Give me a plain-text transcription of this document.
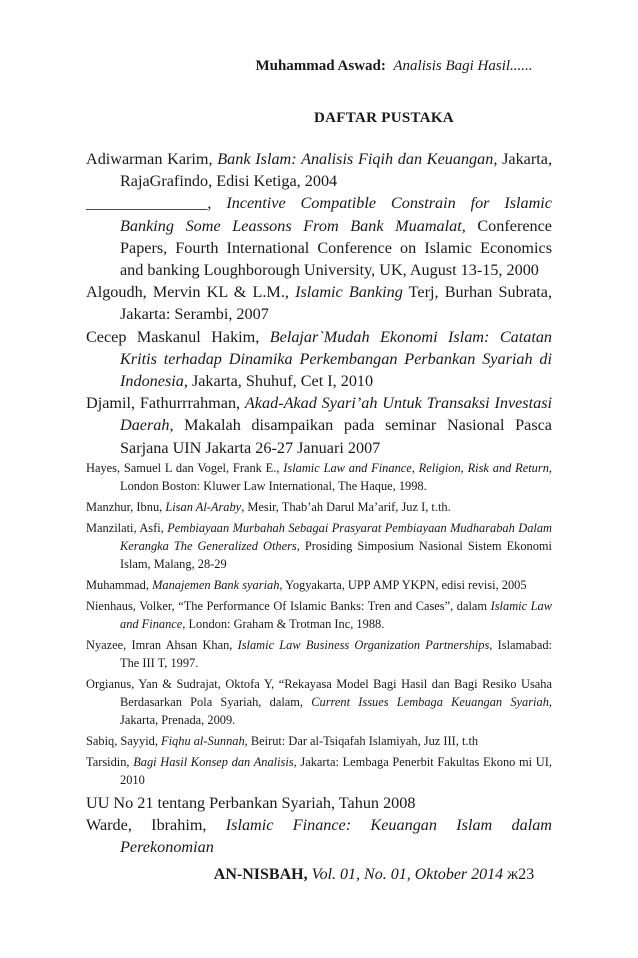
Muhammad Aswad: Analisis Bagi Hasil......
DAFTAR PUSTAKA

Adiwarman Karim, Bank Islam: Analisis Fiqih dan Keuangan, Jakarta, RajaGrafindo, Edisi Ketiga, 2004

_______________, Incentive Compatible Constrain for Islamic Banking Some Leassons From Bank Muamalat, Conference Papers, Fourth International Conference on Islamic Economics and banking Loughborough University, UK, August 13-15, 2000

Algoudh, Mervin KL & L.M., Islamic Banking Terj, Burhan Subrata, Jakarta: Serambi, 2007

Cecep Maskanul Hakim, Belajar`Mudah Ekonomi Islam: Catatan Kritis terhadap Dinamika Perkembangan Perbankan Syariah di Indonesia, Jakarta, Shuhuf, Cet I, 2010

Djamil, Fathurrrahman, Akad-Akad Syari’ah Untuk Transaksi Investasi Daerah, Makalah disampaikan pada seminar Nasional Pasca Sarjana UIN Jakarta 26-27 Januari 2007

Hayes, Samuel L dan Vogel, Frank E., Islamic Law and Finance, Religion, Risk and Return, London Boston: Kluwer Law International, The Haque, 1998.

Manzhur, Ibnu, Lisan Al-Araby, Mesir, Thab’ah Darul Ma’arif, Juz I, t.th.

Manzilati, Asfi, Pembiayaan Murbahah Sebagai Prasyarat Pembiayaan Mudharabah Dalam Kerangka The Generalized Others, Prosiding Simposium Nasional Sistem Ekonomi Islam, Malang, 28-29

Muhammad, Manajemen Bank syariah, Yogyakarta, UPP AMP YKPN, edisi revisi, 2005

Nienhaus, Volker, “The Performance Of Islamic Banks: Tren and Cases”, dalam Islamic Law and Finance, London: Graham & Trotman Inc, 1988.

Nyazee, Imran Ahsan Khan, Islamic Law Business Organization Partnerships, Islamabad: The III T, 1997.

Orgianus, Yan & Sudrajat, Oktofa Y, “Rekayasa Model Bagi Hasil dan Bagi Resiko Usaha Berdasarkan Pola Syariah, dalam, Current Issues Lembaga Keuangan Syariah, Jakarta, Prenada, 2009.

Sabiq, Sayyid, Fiqhu al-Sunnah, Beirut: Dar al-Tsiqafah Islamiyah, Juz III, t.th

Tarsidin, Bagi Hasil Konsep dan Analisis, Jakarta: Lembaga Penerbit Fakultas Ekono mi UI, 2010

UU No 21 tentang Perbankan Syariah, Tahun 2008

Warde, Ibrahim, Islamic Finance: Keuangan Islam dalam Perekonomian

AN-NISBAH, Vol. 01, No. 01, Oktober 2014 ж23
